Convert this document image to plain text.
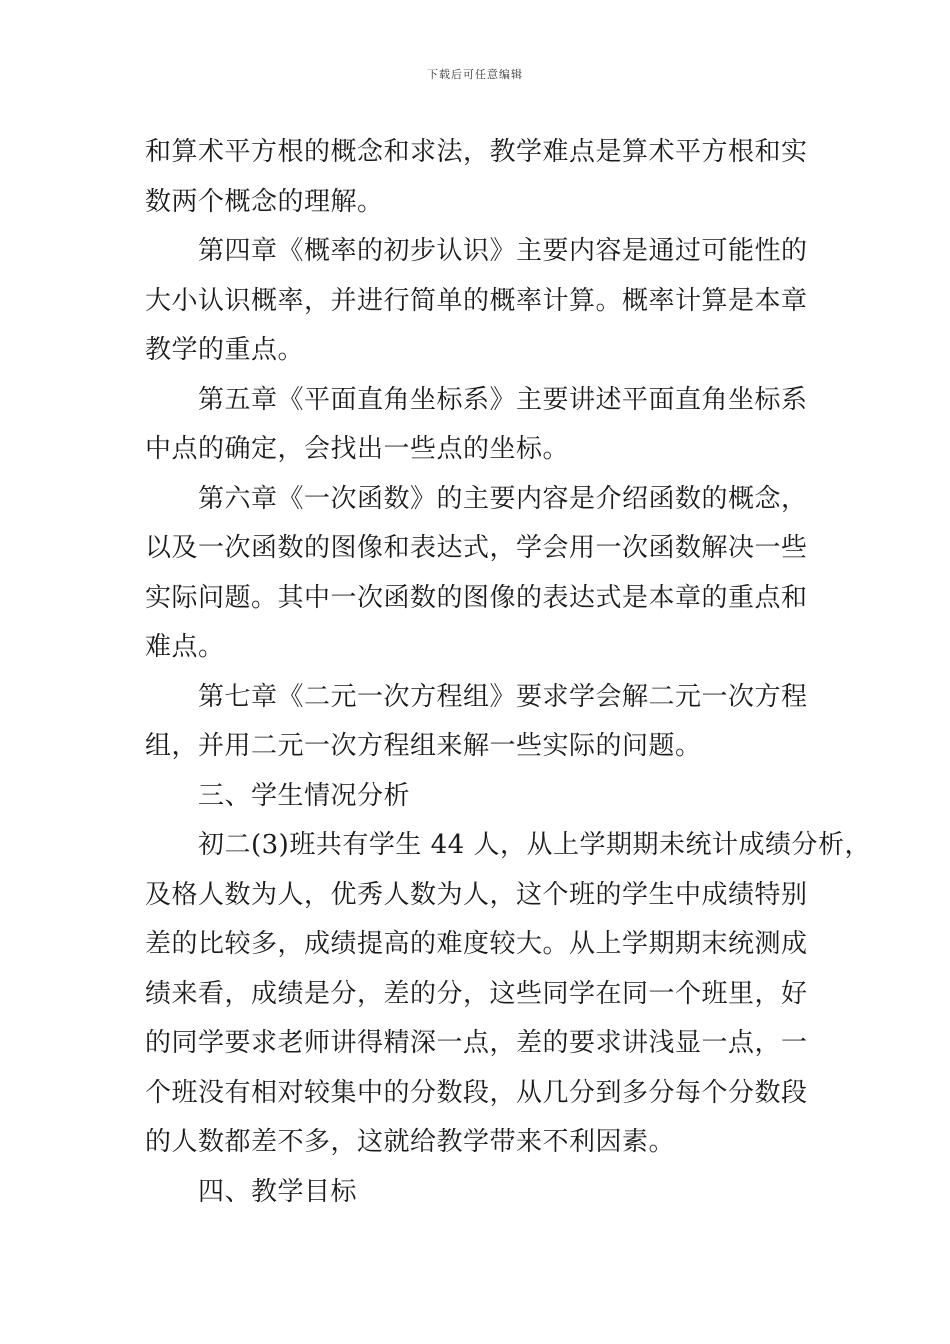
下载后可任意编辑
和算术平方根的概念和求法，教学难点是算术平方根和实
数两个概念的理解。
第四章《概率的初步认识》主要内容是通过可能性的
大小认识概率，并进行简单的概率计算。概率计算是本章
教学的重点。
第五章《平面直角坐标系》主要讲述平面直角坐标系
中点的确定，会找出一些点的坐标。
第六章《一次函数》的主要内容是介绍函数的概念，
以及一次函数的图像和表达式，学会用一次函数解决一些
实际问题。其中一次函数的图像的表达式是本章的重点和
难点。
第七章《二元一次方程组》要求学会解二元一次方程
组，并用二元一次方程组来解一些实际的问题。
三、学生情况分析
初二(3)班共有学生 44 人，从上学期期未统计成绩分析，
及格人数为人，优秀人数为人，这个班的学生中成绩特别
差的比较多，成绩提高的难度较大。从上学期期末统测成
绩来看，成绩是分，差的分，这些同学在同一个班里，好
的同学要求老师讲得精深一点，差的要求讲浅显一点，一
个班没有相对较集中的分数段，从几分到多分每个分数段
的人数都差不多，这就给教学带来不利因素。
四、教学目标
